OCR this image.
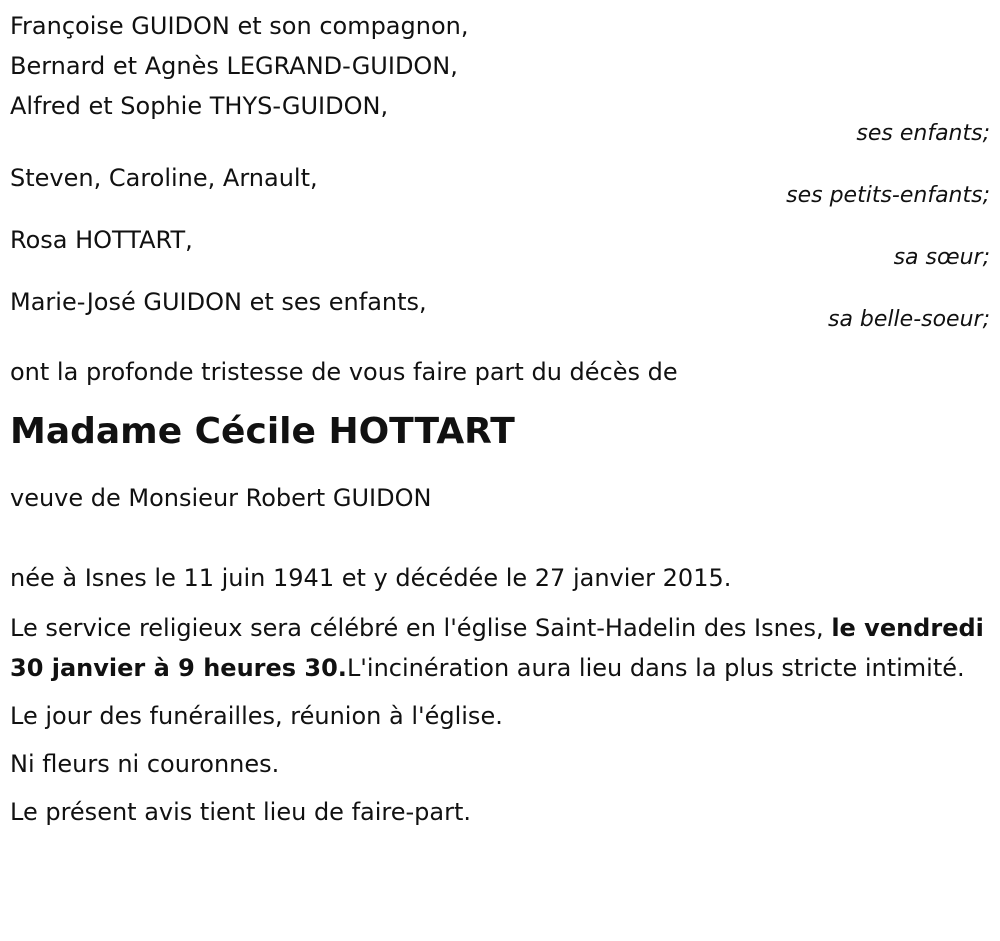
Françoise GUIDON et son compagnon,
Bernard et Agnès LEGRAND-GUIDON,
Alfred et Sophie THYS-GUIDON,
ses enfants;
Steven, Caroline, Arnault,
ses petits-enfants;
Rosa HOTTART,
sa sœur;
Marie-José GUIDON et ses enfants,
sa belle-soeur;
ont la profonde tristesse de vous faire part du décès de
Madame Cécile HOTTART
veuve de Monsieur Robert GUIDON
née à Isnes le 11 juin 1941 et y décédée le 27 janvier 2015.
Le service religieux sera célébré en l'église Saint-Hadelin des Isnes, le vendredi 30 janvier à 9 heures 30.L'incinération aura lieu dans la plus stricte intimité.
Le jour des funérailles, réunion à l'église.
Ni fleurs ni couronnes.
Le présent avis tient lieu de faire-part.
